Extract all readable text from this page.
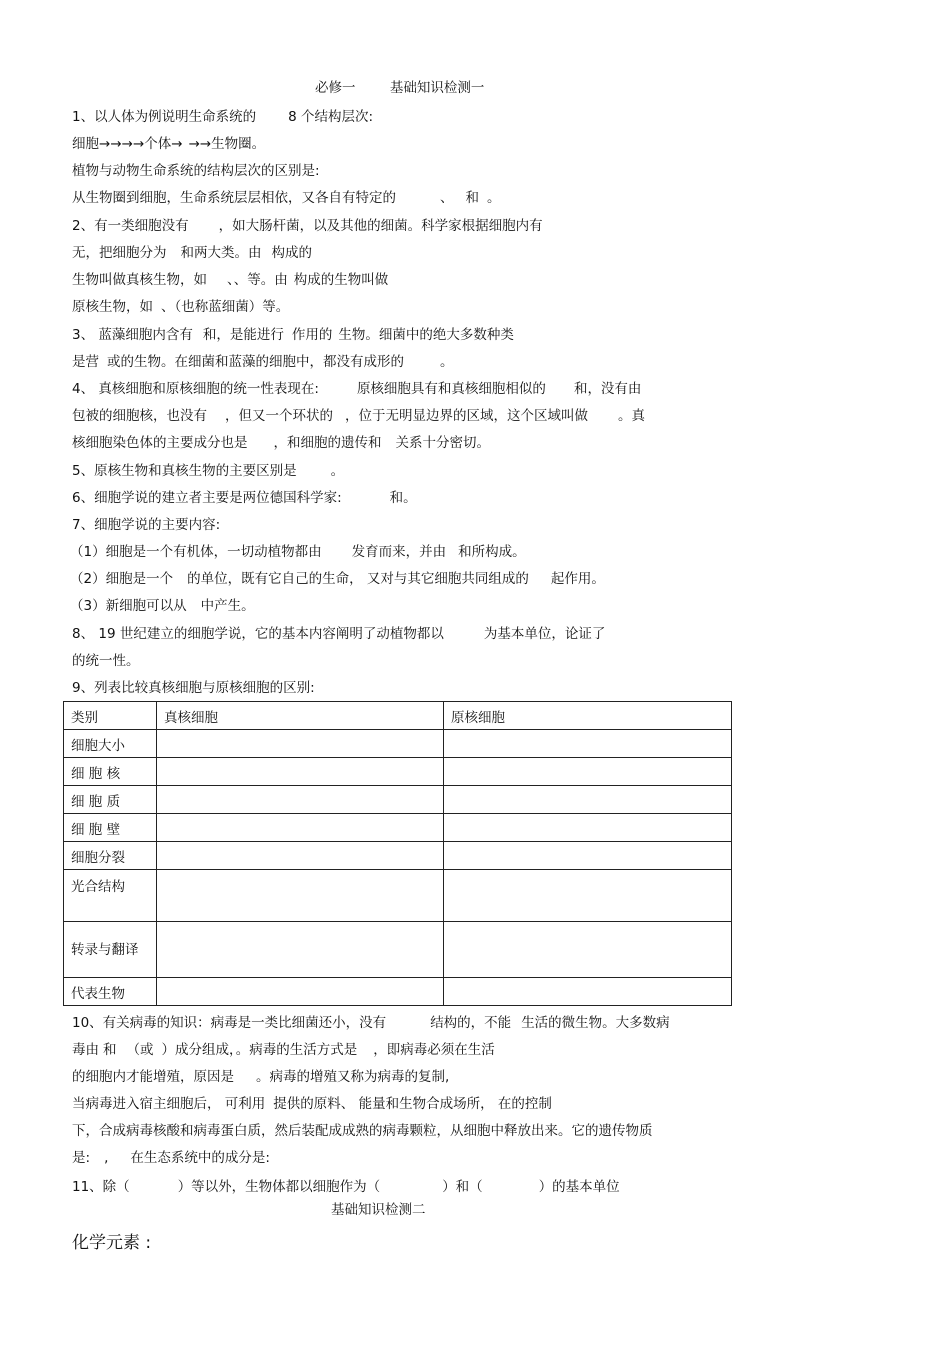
必修一        基础知识检测一
1、以人体为例说明生命系统的 8 个结构层次:
细胞→→→→个体→ →→生物圈。
植物与动物生命系统的结构层次的区别是:
从生物圈到细胞，生命系统层层相依，又各自有特定的	、 和 。
2、有一类细胞没有 ，如大肠杆菌，以及其他的细菌。科学家根据细胞内有
无，把细胞分为 和两大类。由 构成的
生物叫做真核生物，如 、、等。由 构成的生物叫做
原核生物，如 、（也称蓝细菌）等。
3、 蓝藻细胞内含有 和，是能进行 作用的 生物。细菌中的绝大多数种类
是营 或的生物。在细菌和蓝藻的细胞中，都没有成形的	。
4、 真核细胞和原核细胞的统一性表现在:	原核细胞具有和真核细胞相似的 和，没有由
包被的细胞核，也没有 ，但又一个环状的 ，位于无明显边界的区域，这个区域叫做 。真
核细胞染色体的主要成分也是 ，和细胞的遗传和 关系十分密切。
5、原核生物和真核生物的主要区别是	。
6、细胞学说的建立者主要是两位德国科学家:	和。
7、细胞学说的主要内容:
（1）细胞是一个有机体，一切动植物都由 发育而来，并由 和所构成。
（2）细胞是一个 的单位，既有它自己的生命， 又对与其它细胞共同组成的 起作用。
（3）新细胞可以从 中产生。
8、 19 世纪建立的细胞学说，它的基本内容阐明了动植物都以	为基本单位，论证了
的统一性。
9、列表比较真核细胞与原核细胞的区别:
类别	真核细胞	原核细胞
细胞大小		
细 胞 核		
细 胞 质		
细 胞 壁		
细胞分裂		
光合结构		
转录与翻译		
代表生物		
10、有关病毒的知识：病毒是一类比细菌还小，没有	结构的，不能 生活的微生物。大多数病
毒由 和 （或 ）成分组成，。病毒的生活方式是 ，即病毒必须在生活
的细胞内才能增殖，原因是 。病毒的增殖又称为病毒的复制,
当病毒进入宿主细胞后， 可利用 提供的原料、 能量和生物合成场所， 在的控制
下，合成病毒核酸和病毒蛋白质，然后装配成成熟的病毒颗粒，从细胞中释放出来。它的遗传物质
是: , 在生态系统中的成分是:
11、除（	）等以外，生物体都以细胞作为（	）和（	）的基本单位
基础知识检测二
化学元素 :
